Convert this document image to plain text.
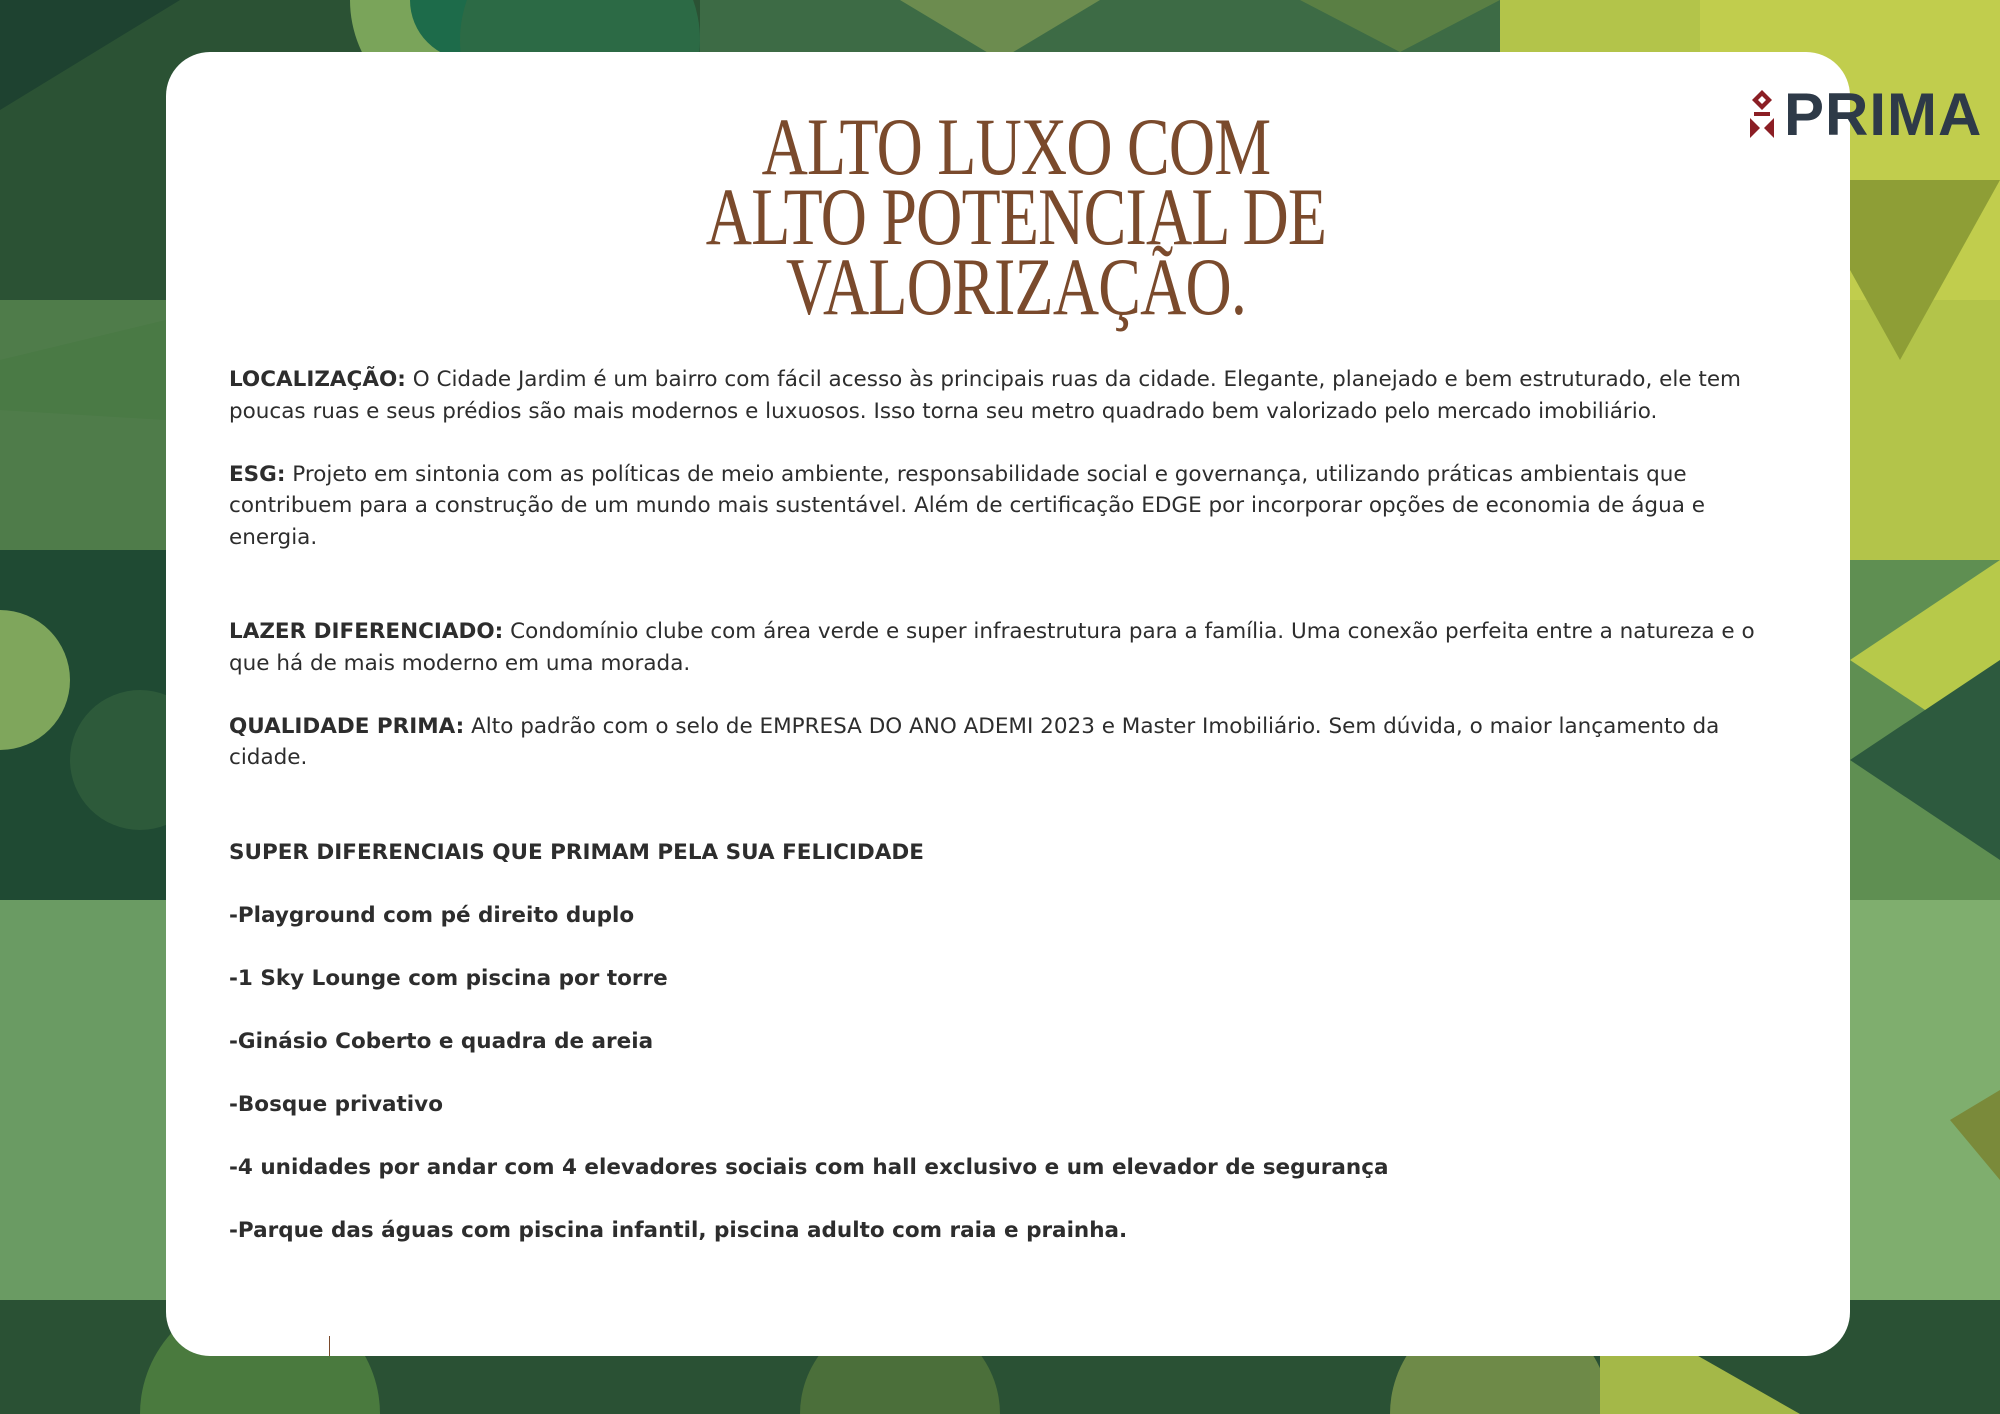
PRIMA
ALTO LUXO COM
ALTO POTENCIAL DE
VALORIZAÇÃO.

LOCALIZAÇÃO: O Cidade Jardim é um bairro com fácil acesso às principais ruas da cidade. Elegante, planejado e bem estruturado, ele tem poucas ruas e seus prédios são mais modernos e luxuosos. Isso torna seu metro quadrado bem valorizado pelo mercado imobiliário.

ESG: Projeto em sintonia com as políticas de meio ambiente, responsabilidade social e governança, utilizando práticas ambientais que contribuem para a construção de um mundo mais sustentável. Além de certificação EDGE por incorporar opções de economia de água e energia.

LAZER DIFERENCIADO: Condomínio clube com área verde e super infraestrutura para a família. Uma conexão perfeita entre a natureza e o que há de mais moderno em uma morada.

QUALIDADE PRIMA: Alto padrão com o selo de EMPRESA DO ANO ADEMI 2023 e Master Imobiliário. Sem dúvida, o maior lançamento da cidade.

SUPER DIFERENCIAIS QUE PRIMAM PELA SUA FELICIDADE

-Playground com pé direito duplo

-1 Sky Lounge com piscina por torre

-Ginásio Coberto e quadra de areia

-Bosque privativo

-4 unidades por andar com 4 elevadores sociais com hall exclusivo e um elevador de segurança

-Parque das águas com piscina infantil, piscina adulto com raia e prainha.
